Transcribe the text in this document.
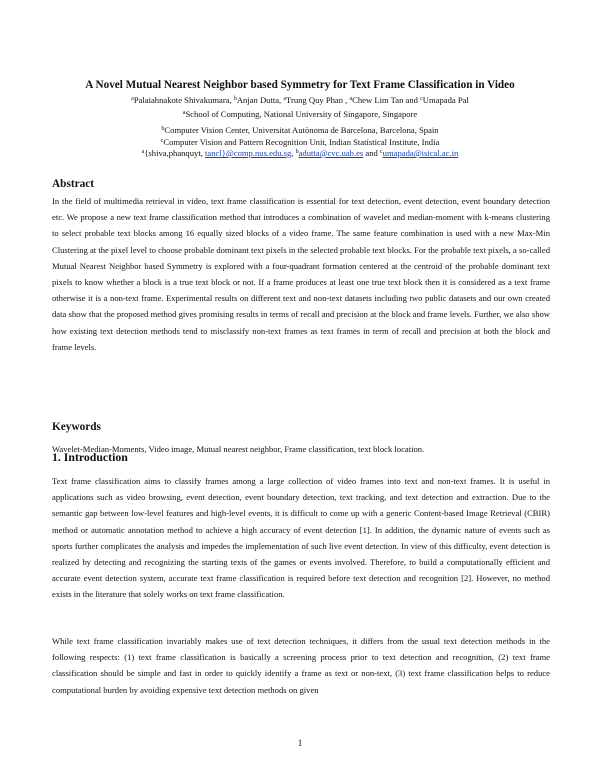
A Novel Mutual Nearest Neighbor based Symmetry for Text Frame Classification in Video
$^a$Palaiahnakote Shivakumara, $^b$Anjan Dutta, $^a$Trung Quy Phan , $^a$Chew Lim Tan and $^c$Umapada Pal
$^a$School of Computing, National University of Singapore, Singapore
$^b$Computer Vision Center, Universitat Autònoma de Barcelona, Barcelona, Spain
$^c$Computer Vision and Pattern Recognition Unit, Indian Statistical Institute, India
$^a${shiva,phanquyt, tancl}@comp.nus.edu.sg, $^b$adutta@cvc.uab.es and $^c$umapada@isical.ac.in
Abstract

In the field of multimedia retrieval in video, text frame classification is essential for text detection, event detection, event boundary detection etc. We propose a new text frame classification method that introduces a combination of wavelet and median-moment with k-means clustering to select probable text blocks among 16 equally sized blocks of a video frame. The same feature combination is used with a new Max-Min Clustering at the pixel level to choose probable dominant text pixels in the selected probable text blocks. For the probable text pixels, a so-called Mutual Nearest Neighbor based Symmetry is explored with a four-quadrant formation centered at the centroid of the probable dominant text pixels to know whether a block is a true text block or not. If a frame produces at least one true text block then it is considered as a text frame otherwise it is a non-text frame. Experimental results on different text and non-text datasets including two public datasets and our own created data show that the proposed method gives promising results in terms of recall and precision at the block and frame levels. Further, we also show how existing text detection methods tend to misclassify non-text frames as text frames in term of recall and precision at both the block and frame levels.

Keywords

Wavelet-Median-Moments, Video image, Mutual nearest neighbor, Frame classification, text block location.

1. Introduction

Text frame classification aims to classify frames among a large collection of video frames into text and non-text frames. It is useful in applications such as video browsing, event detection, event boundary detection, text tracking, and text detection and extraction. Due to the semantic gap between low-level features and high-level events, it is difficult to come up with a generic Content-based Image Retrieval (CBIR) method or automatic annotation method to achieve a high accuracy of event detection [1]. In addition, the dynamic nature of events such as sports further complicates the analysis and impedes the implementation of such live event detection. In view of this difficulty, event detection is realized by detecting and recognizing the starting texts of the games or events involved. Therefore, to build a computationally efficient and accurate event detection system, accurate text frame classification is required before text detection and recognition [2]. However, no method exists in the literature that solely works on text frame classification.

While text frame classification invariably makes use of text detection techniques, it differs from the usual text detection methods in the following respects: (1) text frame classification is basically a screening process prior to text detection and recognition, (2) text frame classification should be simple and fast in order to quickly identify a frame as text or non-text, (3) text frame classification helps to reduce computational burden by avoiding expensive text detection methods on given

1
